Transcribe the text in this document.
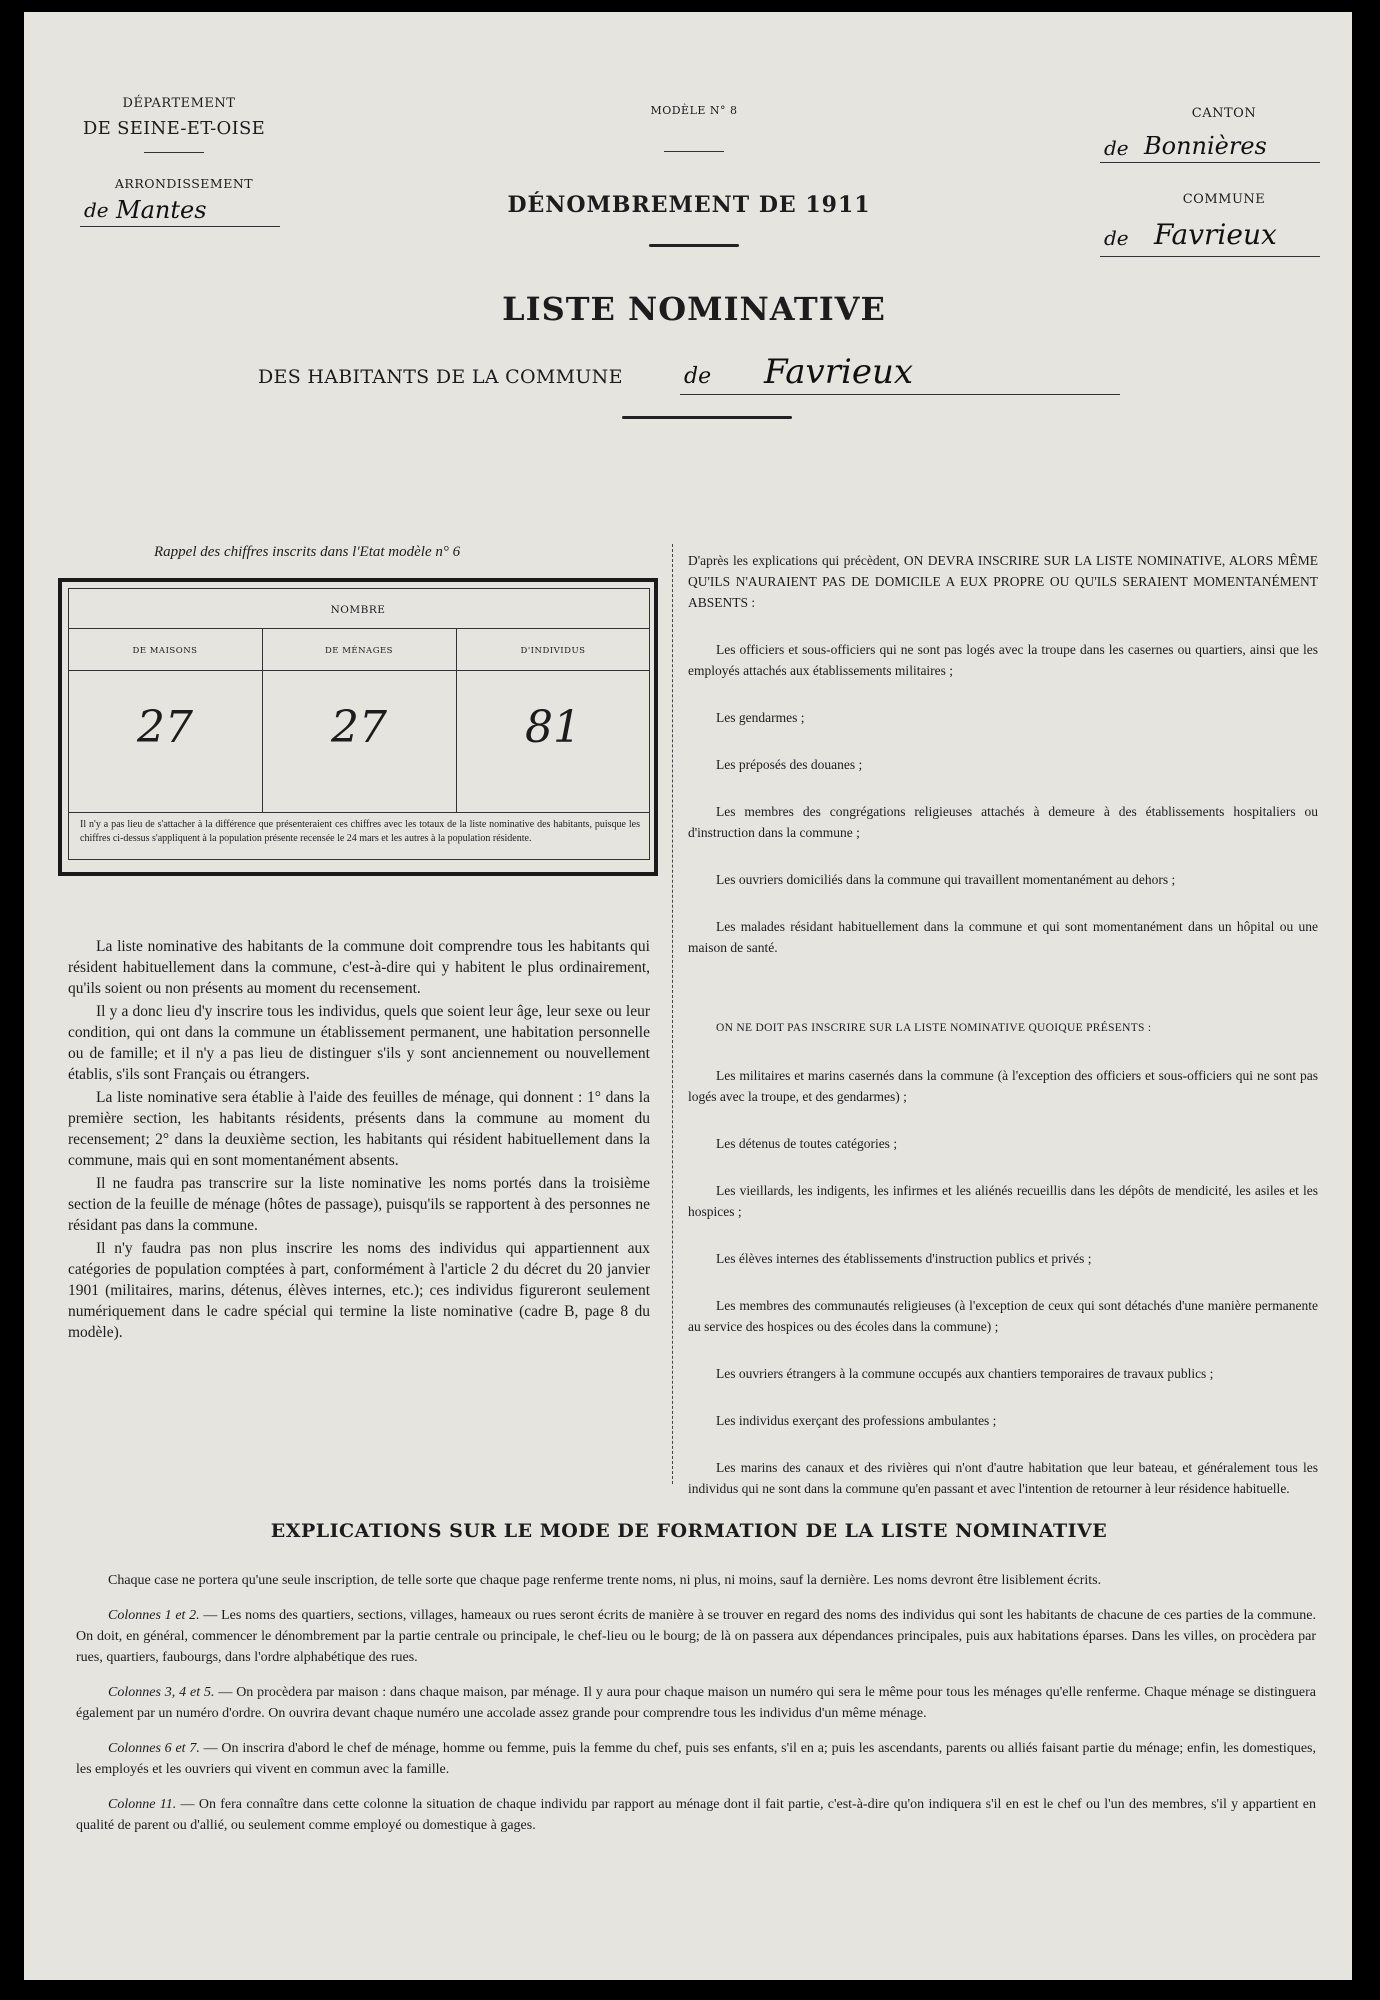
DÉPARTEMENT
DE SEINE-ET-OISE
ARRONDISSEMENT
de Mantes
MODÈLE N° 8
DÉNOMBREMENT DE 1911
CANTON
de Bonnières
COMMUNE
de Favrieux
LISTE NOMINATIVE
DES HABITANTS DE LA COMMUNE	de Favrieux
Rappel des chiffres inscrits dans l'Etat modèle n° 6
NOMBRE
DE MAISONS	DE MÉNAGES	D'INDIVIDUS
27	27	81
Il n'y a pas lieu de s'attacher à la différence que présenteraient ces chiffres avec les totaux de la liste nominative des habitants, puisque les chiffres ci-dessus s'appliquent à la population présente recensée le 24 mars et les autres à la population résidente.

La liste nominative des habitants de la commune doit comprendre tous les habitants qui résident habituellement dans la commune, c'est-à-dire qui y habitent le plus ordinairement, qu'ils soient ou non présents au moment du recensement.

Il y a donc lieu d'y inscrire tous les individus, quels que soient leur âge, leur sexe ou leur condition, qui ont dans la commune un établissement permanent, une habitation personnelle ou de famille; et il n'y a pas lieu de distinguer s'ils y sont anciennement ou nouvellement établis, s'ils sont Français ou étrangers.

La liste nominative sera établie à l'aide des feuilles de ménage, qui donnent : 1° dans la première section, les habitants résidents, présents dans la commune au moment du recensement; 2° dans la deuxième section, les habitants qui résident habituellement dans la commune, mais qui en sont momentanément absents.

Il ne faudra pas transcrire sur la liste nominative les noms portés dans la troisième section de la feuille de ménage (hôtes de passage), puisqu'ils se rapportent à des personnes ne résidant pas dans la commune.

Il n'y faudra pas non plus inscrire les noms des individus qui appartiennent aux catégories de population comptées à part, conformément à l'article 2 du décret du 20 janvier 1901 (militaires, marins, détenus, élèves internes, etc.); ces individus figureront seulement numériquement dans le cadre spécial qui termine la liste nominative (cadre B, page 8 du modèle).

D'après les explications qui précèdent, ON DEVRA INSCRIRE SUR LA LISTE NOMINATIVE, ALORS MÊME QU'ILS N'AURAIENT PAS DE DOMICILE A EUX PROPRE OU QU'ILS SERAIENT MOMENTANÉMENT ABSENTS :

Les officiers et sous-officiers qui ne sont pas logés avec la troupe dans les casernes ou quartiers, ainsi que les employés attachés aux établissements militaires ;

Les gendarmes ;

Les préposés des douanes ;

Les membres des congrégations religieuses attachés à demeure à des établissements hospitaliers ou d'instruction dans la commune ;

Les ouvriers domiciliés dans la commune qui travaillent momentanément au dehors ;

Les malades résidant habituellement dans la commune et qui sont momentanément dans un hôpital ou une maison de santé.

ON NE DOIT PAS INSCRIRE SUR LA LISTE NOMINATIVE QUOIQUE PRÉSENTS :

Les militaires et marins casernés dans la commune (à l'exception des officiers et sous-officiers qui ne sont pas logés avec la troupe, et des gendarmes) ;

Les détenus de toutes catégories ;

Les vieillards, les indigents, les infirmes et les aliénés recueillis dans les dépôts de mendicité, les asiles et les hospices ;

Les élèves internes des établissements d'instruction publics et privés ;

Les membres des communautés religieuses (à l'exception de ceux qui sont détachés d'une manière permanente au service des hospices ou des écoles dans la commune) ;

Les ouvriers étrangers à la commune occupés aux chantiers temporaires de travaux publics ;

Les individus exerçant des professions ambulantes ;

Les marins des canaux et des rivières qui n'ont d'autre habitation que leur bateau, et généralement tous les individus qui ne sont dans la commune qu'en passant et avec l'intention de retourner à leur résidence habituelle.

EXPLICATIONS SUR LE MODE DE FORMATION DE LA LISTE NOMINATIVE

Chaque case ne portera qu'une seule inscription, de telle sorte que chaque page renferme trente noms, ni plus, ni moins, sauf la dernière. Les noms devront être lisiblement écrits.

Colonnes 1 et 2. — Les noms des quartiers, sections, villages, hameaux ou rues seront écrits de manière à se trouver en regard des noms des individus qui sont les habitants de chacune de ces parties de la commune. On doit, en général, commencer le dénombrement par la partie centrale ou principale, le chef-lieu ou le bourg; de là on passera aux dépendances principales, puis aux habitations éparses. Dans les villes, on procèdera par rues, quartiers, faubourgs, dans l'ordre alphabétique des rues.

Colonnes 3, 4 et 5. — On procèdera par maison : dans chaque maison, par ménage. Il y aura pour chaque maison un numéro qui sera le même pour tous les ménages qu'elle renferme. Chaque ménage se distinguera également par un numéro d'ordre. On ouvrira devant chaque numéro une accolade assez grande pour comprendre tous les individus d'un même ménage.

Colonnes 6 et 7. — On inscrira d'abord le chef de ménage, homme ou femme, puis la femme du chef, puis ses enfants, s'il en a; puis les ascendants, parents ou alliés faisant partie du ménage; enfin, les domestiques, les employés et les ouvriers qui vivent en commun avec la famille.

Colonne 11. — On fera connaître dans cette colonne la situation de chaque individu par rapport au ménage dont il fait partie, c'est-à-dire qu'on indiquera s'il en est le chef ou l'un des membres, s'il y appartient en qualité de parent ou d'allié, ou seulement comme employé ou domestique à gages.
